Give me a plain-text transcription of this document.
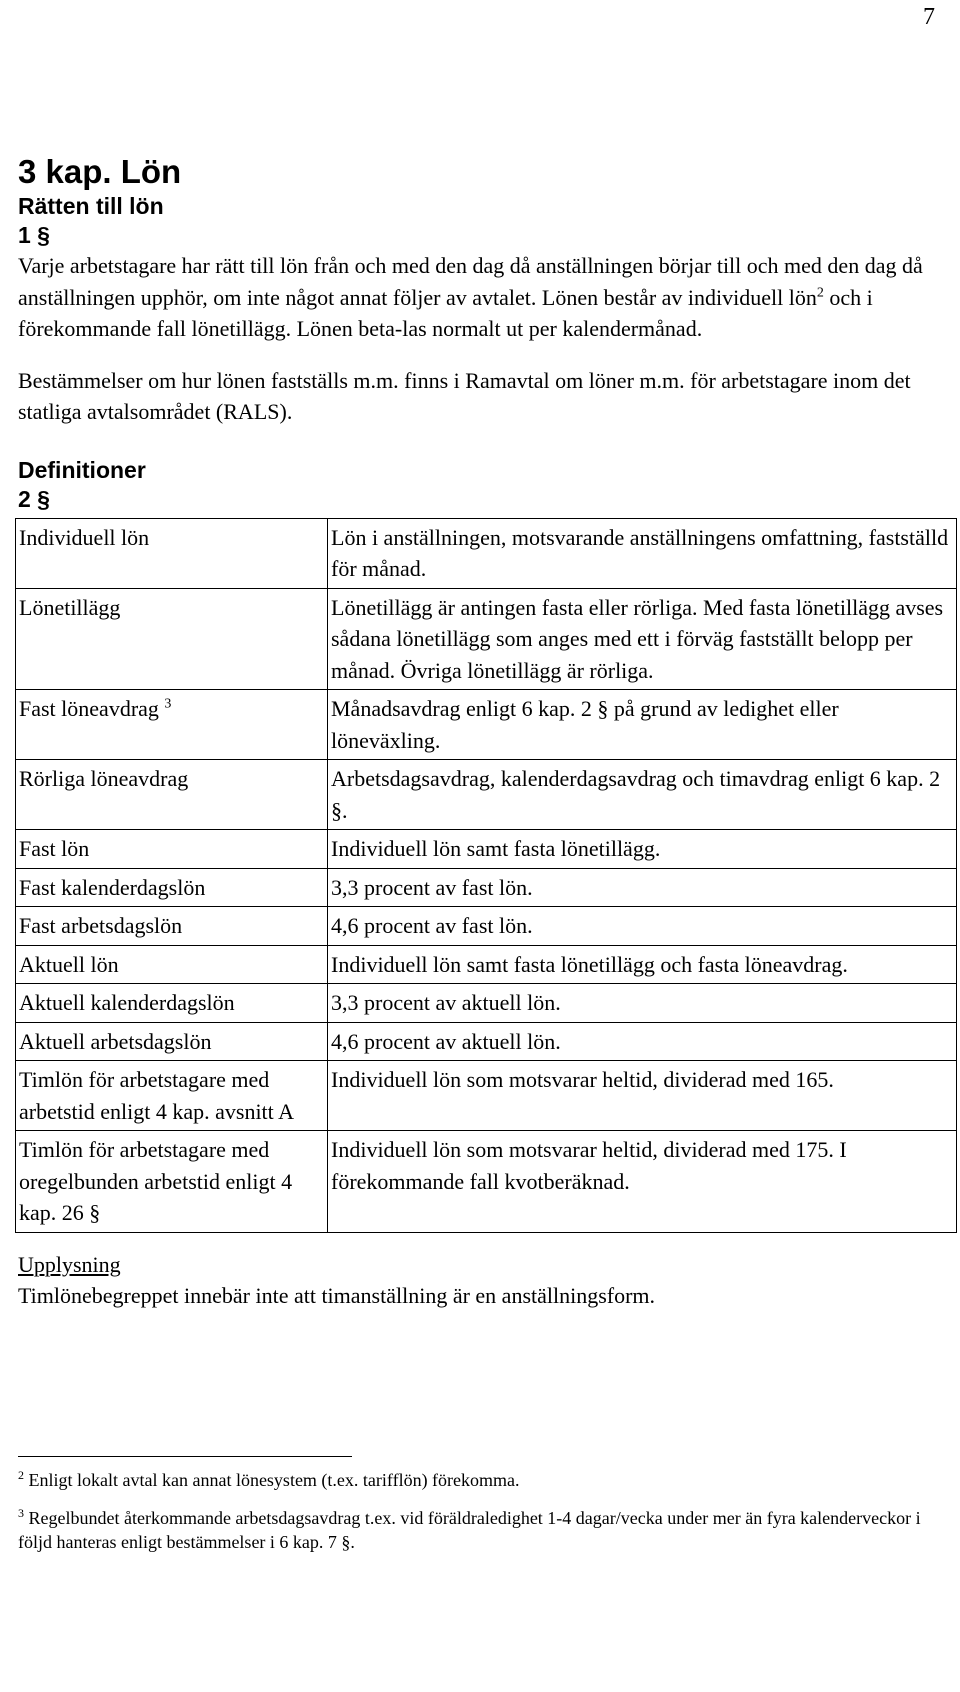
7
3 kap. Lön
Rätten till lön
1 §

Varje arbetstagare har rätt till lön från och med den dag då anställningen börjar till och med den dag då anställningen upphör, om inte något annat följer av avtalet. Lönen består av individuell lön$^2$ och i förekommande fall lönetillägg. Lönen beta-las normalt ut per kalendermånad.

Bestämmelser om hur lönen fastställs m.m. finns i Ramavtal om löner m.m. för arbetstagare inom det statliga avtalsområdet (RALS).

Definitioner
2 §
Individuell lön	Lön i anställningen, motsvarande anställningens omfattning, fastställd för månad.
Lönetillägg	Lönetillägg är antingen fasta eller rörliga. Med fasta lönetillägg avses sådana lönetillägg som anges med ett i förväg fastställt belopp per månad. Övriga lönetillägg är rörliga.
Fast löneavdrag $^3$	Månadsavdrag enligt 6 kap. 2 § på grund av ledighet eller löneväxling.
Rörliga löneavdrag	Arbetsdagsavdrag, kalenderdagsavdrag och timavdrag enligt 6 kap. 2 §.
Fast lön	Individuell lön samt fasta lönetillägg.
Fast kalenderdagslön	3,3 procent av fast lön.
Fast arbetsdagslön	4,6 procent av fast lön.
Aktuell lön	Individuell lön samt fasta lönetillägg och fasta löneavdrag.
Aktuell kalenderdagslön	3,3 procent av aktuell lön.
Aktuell arbetsdagslön	4,6 procent av aktuell lön.
Timlön för arbetstagare med arbetstid enligt 4 kap. avsnitt A	Individuell lön som motsvarar heltid, dividerad med 165.
Timlön för arbetstagare med oregelbunden arbetstid enligt 4 kap. 26 §	Individuell lön som motsvarar heltid, dividerad med 175. I förekommande fall kvotberäknad.

Upplysning

Timlönebegreppet innebär inte att timanställning är en anställningsform.

$^2$ Enligt lokalt avtal kan annat lönesystem (t.ex. tarifflön) förekomma.

$^3$ Regelbundet återkommande arbetsdagsavdrag t.ex. vid föräldraledighet 1-4 dagar/vecka under mer än fyra kalenderveckor i följd hanteras enligt bestämmelser i 6 kap. 7 §.
